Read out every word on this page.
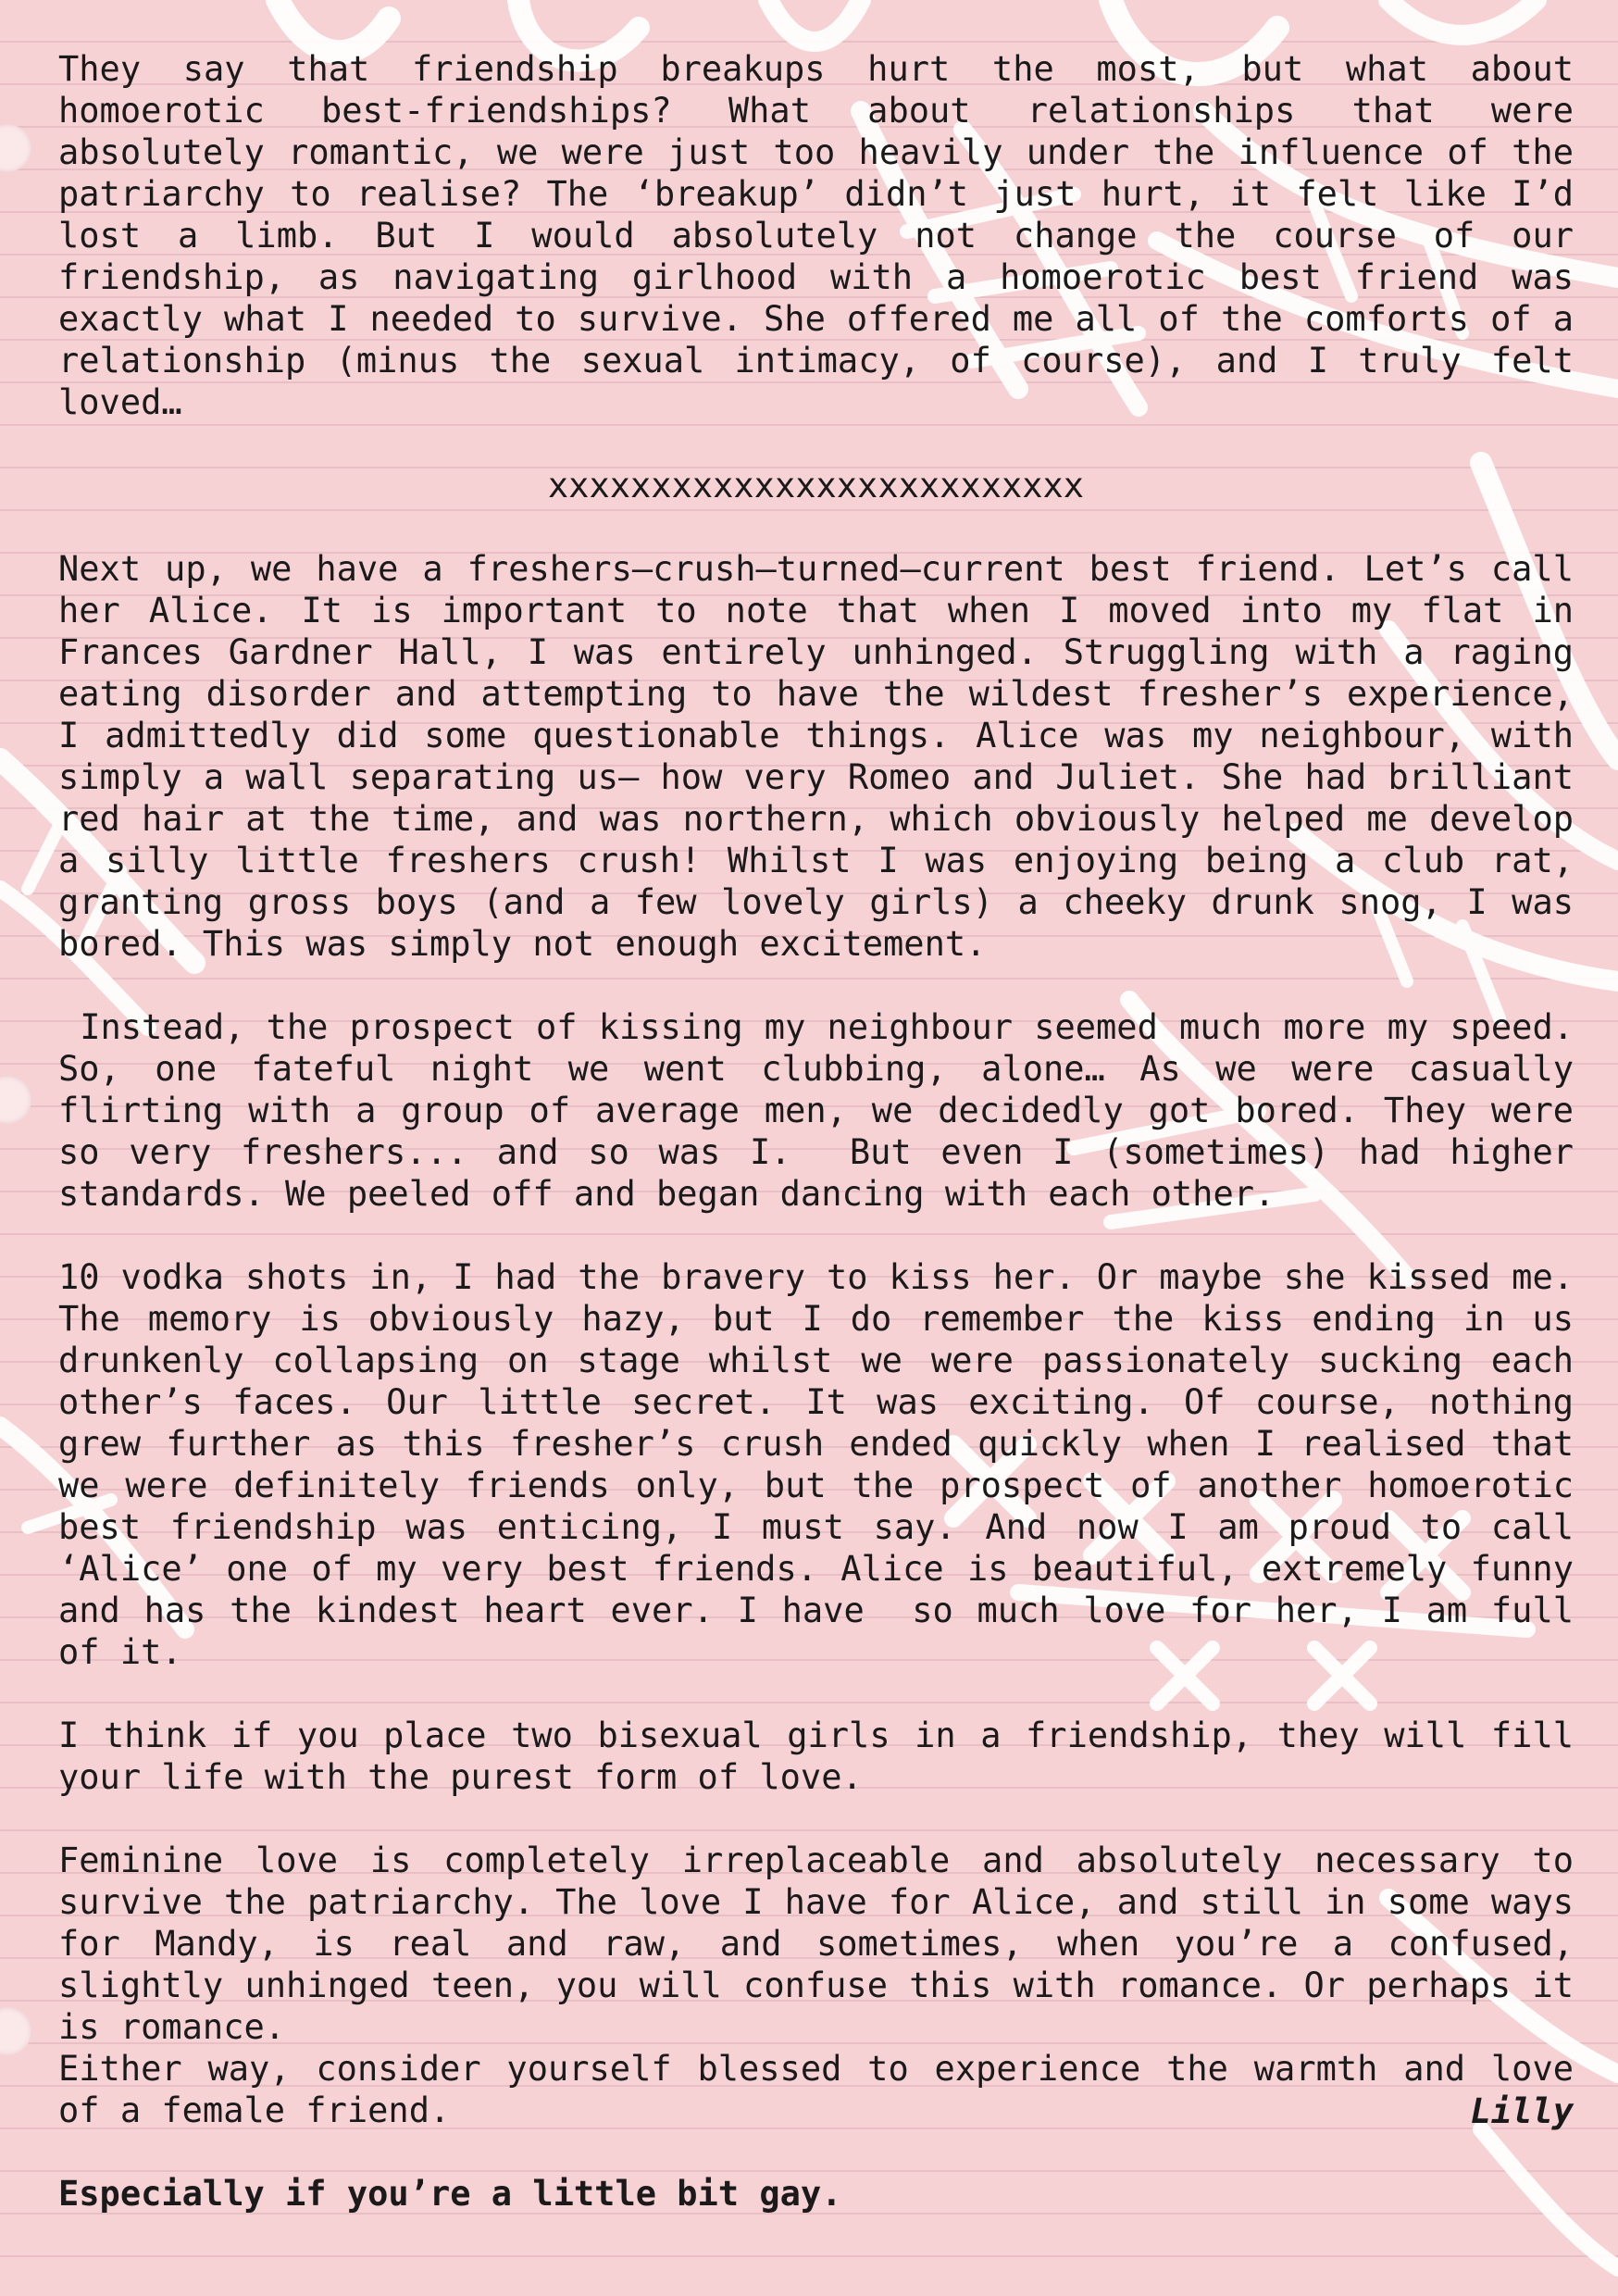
They say that friendship breakups hurt the most, but what about homoerotic best-friendships? What about relationships that were absolutely romantic, we were just too heavily under the influence of the patriarchy to realise? The ‘breakup’ didn’t just hurt, it felt like I’d lost a limb. But I would absolutely not change the course of our friendship, as navigating girlhood with a homoerotic best friend was exactly what I needed to survive. She offered me all of the comforts of a relationship (minus the sexual intimacy, of course), and I truly felt loved…

xxxxxxxxxxxxxxxxxxxxxxxxxx

Next up, we have a freshers–crush–turned–current best friend. Let’s call her Alice. It is important to note that when I moved into my flat in Frances Gardner Hall, I was entirely unhinged. Struggling with a raging eating disorder and attempting to have the wildest fresher’s experience, I admittedly did some questionable things. Alice was my neighbour, with simply a wall separating us– how very Romeo and Juliet. She had brilliant red hair at the time, and was northern, which obviously helped me develop a silly little freshers crush! Whilst I was enjoying being a club rat, granting gross boys (and a few lovely girls) a cheeky drunk snog, I was bored. This was simply not enough excitement.

Instead, the prospect of kissing my neighbour seemed much more my speed. So, one fateful night we went clubbing, alone… As we were casually flirting with a group of average men, we decidedly got bored. They were so very freshers... and so was I.  But even I (sometimes) had higher standards. We peeled off and began dancing with each other.

10 vodka shots in, I had the bravery to kiss her. Or maybe she kissed me. The memory is obviously hazy, but I do remember the kiss ending in us drunkenly collapsing on stage whilst we were passionately sucking each other’s faces. Our little secret. It was exciting. Of course, nothing grew further as this fresher’s crush ended quickly when I realised that we were definitely friends only, but the prospect of another homoerotic best friendship was enticing, I must say. And now I am proud to call ‘Alice’ one of my very best friends. Alice is beautiful, extremely funny and has the kindest heart ever. I have  so much love for her, I am full of it.

I think if you place two bisexual girls in a friendship, they will fill your life with the purest form of love.

Feminine love is completely irreplaceable and absolutely necessary to survive the patriarchy. The love I have for Alice, and still in some ways for Mandy, is real and raw, and sometimes, when you’re a confused, slightly unhinged teen, you will confuse this with romance. Or perhaps it is romance.

Either way, consider yourself blessed to experience the warmth and love of a female friend.

Especially if you’re a little bit gay.

Lilly
